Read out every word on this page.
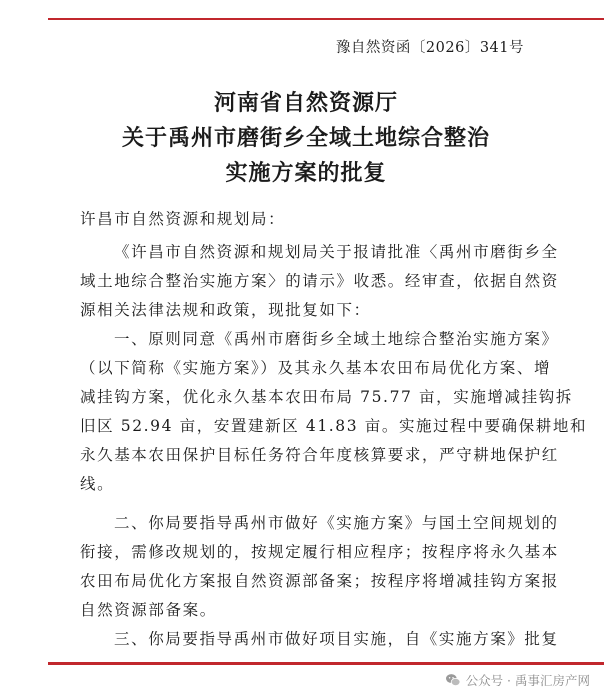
豫自然资函〔2026〕341号
河南省自然资源厅
关于禹州市磨街乡全域土地综合整治
实施方案的批复
许昌市自然资源和规划局：
《许昌市自然资源和规划局关于报请批准〈禹州市磨街乡全
域土地综合整治实施方案〉的请示》收悉。经审查，依据自然资
源相关法律法规和政策，现批复如下：
一、原则同意《禹州市磨街乡全域土地综合整治实施方案》
（以下简称《实施方案》）及其永久基本农田布局优化方案、增
减挂钩方案，优化永久基本农田布局 75.77 亩，实施增减挂钩拆
旧区 52.94 亩，安置建新区 41.83 亩。实施过程中要确保耕地和
永久基本农田保护目标任务符合年度核算要求，严守耕地保护红
线。
二、你局要指导禹州市做好《实施方案》与国土空间规划的
衔接，需修改规划的，按规定履行相应程序；按程序将永久基本
农田布局优化方案报自然资源部备案；按程序将增减挂钩方案报
自然资源部备案。
三、你局要指导禹州市做好项目实施，自《实施方案》批复
公众号 · 禹事汇房产网
